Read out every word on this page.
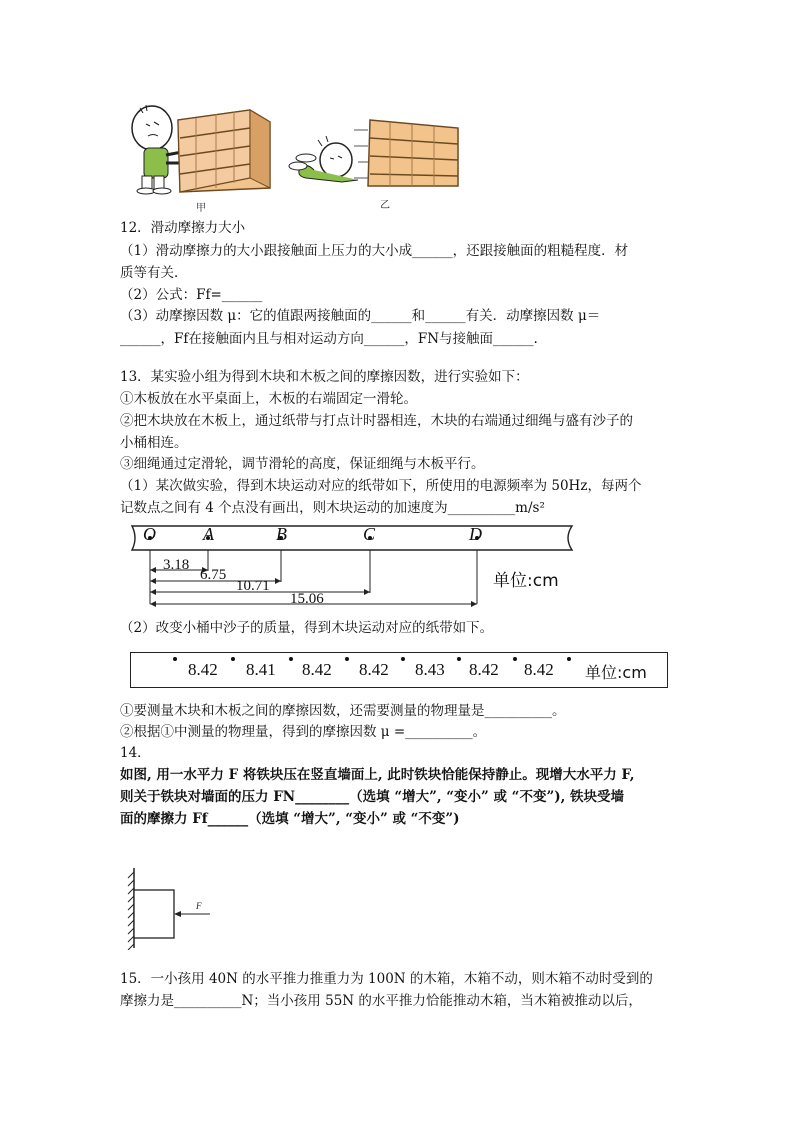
甲	乙
12．滑动摩擦力大小
（1）滑动摩擦力的大小跟接触面上压力的大小成______，还跟接触面的粗糙程度．材
质等有关．
（2）公式：Ff=______
（3）动摩擦因数 μ：它的值跟两接触面的______和______有关．动摩擦因数 μ＝
______，Ff在接触面内且与相对运动方向______，FN与接触面______.
13．某实验小组为得到木块和木板之间的摩擦因数，进行实验如下：
①木板放在水平桌面上，木板的右端固定一滑轮。
②把木块放在木板上，通过纸带与打点计时器相连，木块的右端通过细绳与盛有沙子的
小桶相连。
③细绳通过定滑轮，调节滑轮的高度，保证细绳与木板平行。
（1）某次做实验，得到木块运动对应的纸带如下，所使用的电源频率为 50Hz，每两个
记数点之间有 4 个点没有画出，则木块运动的加速度为__________m/s²
O	A	B	C	D
3.18
6.75
10.71
15.06
单位:cm
（2）改变小桶中沙子的质量，得到木块运动对应的纸带如下。
8.42 8.41 8.42 8.42 8.43 8.42 8.42 单位:cm
①要测量木块和木板之间的摩擦因数，还需要测量的物理量是__________。
②根据①中测量的物理量，得到的摩擦因数 μ =__________。
14．
如图, 用一水平力 F 将铁块压在竖直墙面上, 此时铁块恰能保持静止。现增大水平力 F,
则关于铁块对墙面的压力 FN________（选填 “增大”, “变小” 或 “不变”), 铁块受墙
面的摩擦力 Ff______（选填 “增大”, “变小” 或 “不变”)
F
15．一小孩用 40N 的水平推力推重力为 100N 的木箱，木箱不动，则木箱不动时受到的
摩擦力是__________N；当小孩用 55N 的水平推力恰能推动木箱，当木箱被推动以后，
